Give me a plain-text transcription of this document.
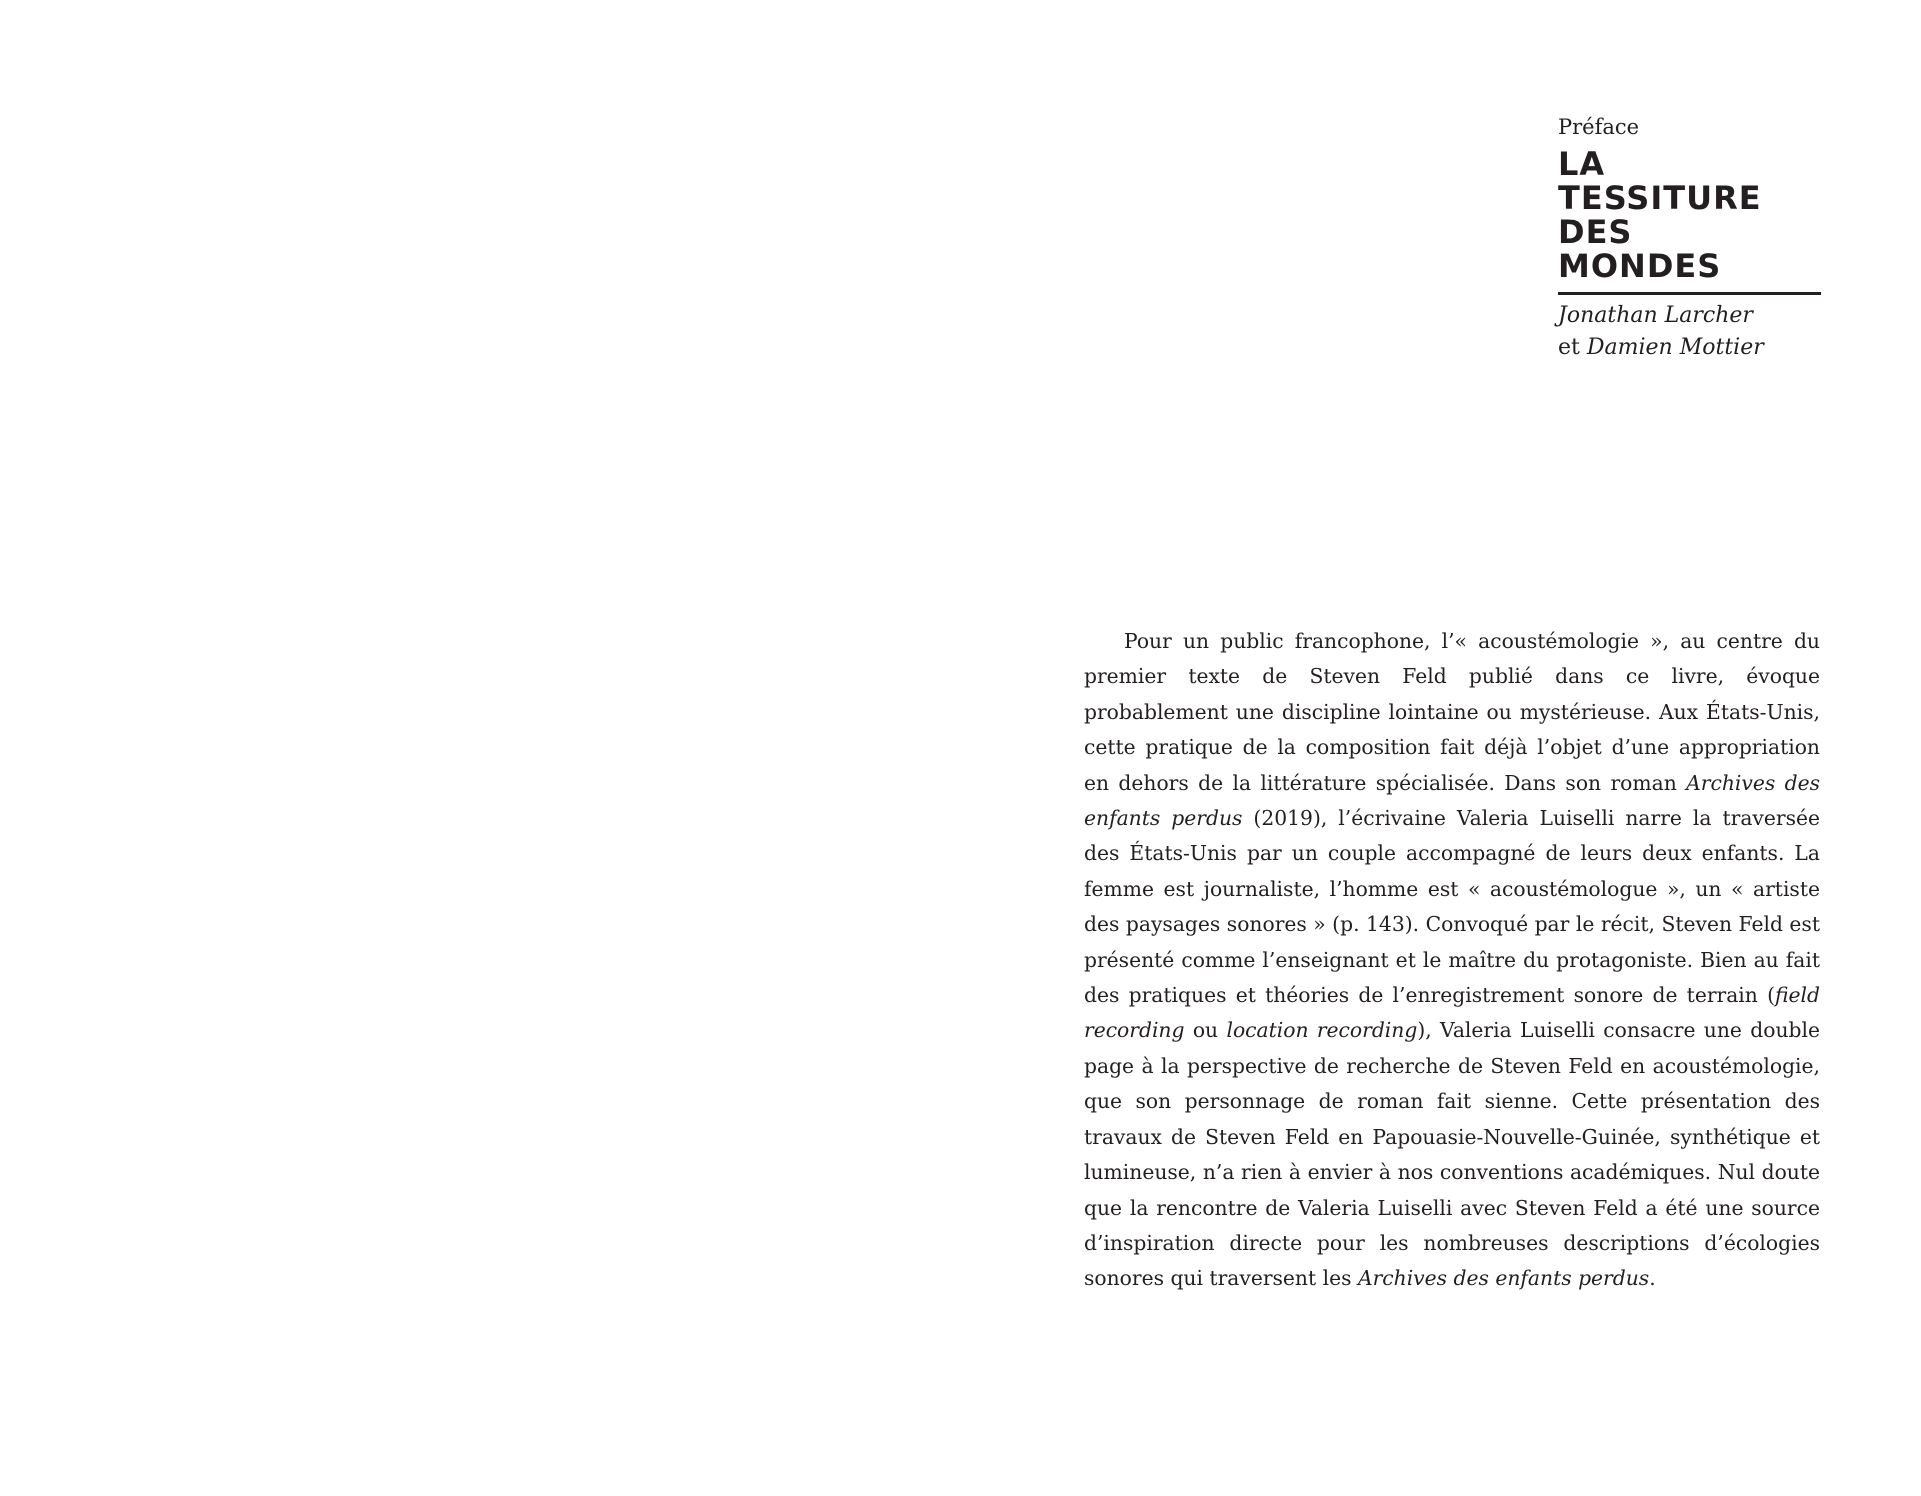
Préface

LA
TESSITURE
DES
MONDES

Jonathan Larcher
et Damien Mottier

Pour un public francophone, l’« acoustémologie », au centre du premier texte de Steven Feld publié dans ce livre, évoque probablement une discipline lointaine ou mystérieuse. Aux États-Unis, cette pratique de la composition fait déjà l’objet d’une appropriation en dehors de la littérature spécialisée. Dans son roman Archives des enfants perdus (2019), l’écrivaine Valeria Luiselli narre la traversée des États-Unis par un couple accompagné de leurs deux enfants. La femme est journaliste, l’homme est « acoustémologue », un « artiste des paysages sonores » (p. 143). Convoqué par le récit, Steven Feld est présenté comme l’enseignant et le maître du protagoniste. Bien au fait des pratiques et théories de l’enregistrement sonore de terrain (field recording ou location recording), Valeria Luiselli consacre une double page à la perspective de recherche de Steven Feld en acoustémologie, que son personnage de roman fait sienne. Cette présentation des travaux de Steven Feld en Papouasie-Nouvelle-Guinée, synthétique et lumineuse, n’a rien à envier à nos conventions académiques. Nul doute que la rencontre de Valeria Luiselli avec Steven Feld a été une source d’inspiration directe pour les nombreuses descriptions d’écologies sonores qui traversent les Archives des enfants perdus.
